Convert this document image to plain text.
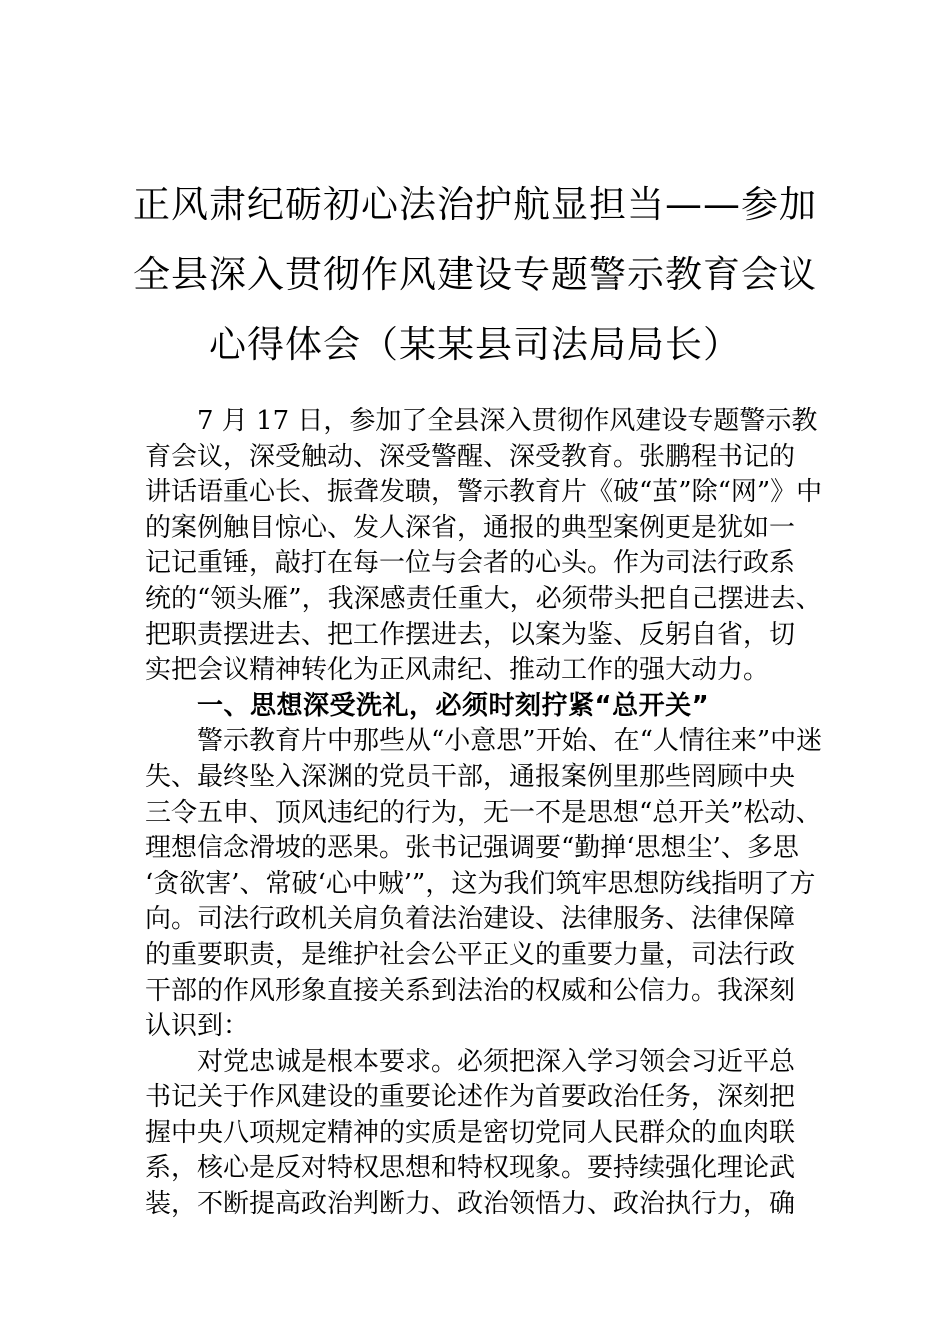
正风肃纪砺初心法治护航显担当——参加
全县深入贯彻作风建设专题警示教育会议
心得体会（某某县司法局局长）
7 月 17 日，参加了全县深入贯彻作风建设专题警示教
育会议，深受触动、深受警醒、深受教育。张鹏程书记的
讲话语重心长、振聋发聩，警示教育片《破“茧”除“网”》中
的案例触目惊心、发人深省，通报的典型案例更是犹如一
记记重锤，敲打在每一位与会者的心头。作为司法行政系
统的“领头雁”，我深感责任重大，必须带头把自己摆进去、
把职责摆进去、把工作摆进去，以案为鉴、反躬自省，切
实把会议精神转化为正风肃纪、推动工作的强大动力。
一、思想深受洗礼，必须时刻拧紧“总开关”
警示教育片中那些从“小意思”开始、在“人情往来”中迷
失、最终坠入深渊的党员干部，通报案例里那些罔顾中央
三令五申、顶风违纪的行为，无一不是思想“总开关”松动、
理想信念滑坡的恶果。张书记强调要“勤掸‘思想尘’、多思
‘贪欲害’、常破‘心中贼’”，这为我们筑牢思想防线指明了方
向。司法行政机关肩负着法治建设、法律服务、法律保障
的重要职责，是维护社会公平正义的重要力量，司法行政
干部的作风形象直接关系到法治的权威和公信力。我深刻
认识到：
对党忠诚是根本要求。必须把深入学习领会习近平总
书记关于作风建设的重要论述作为首要政治任务，深刻把
握中央八项规定精神的实质是密切党同人民群众的血肉联
系，核心是反对特权思想和特权现象。要持续强化理论武
装，不断提高政治判断力、政治领悟力、政治执行力，确
